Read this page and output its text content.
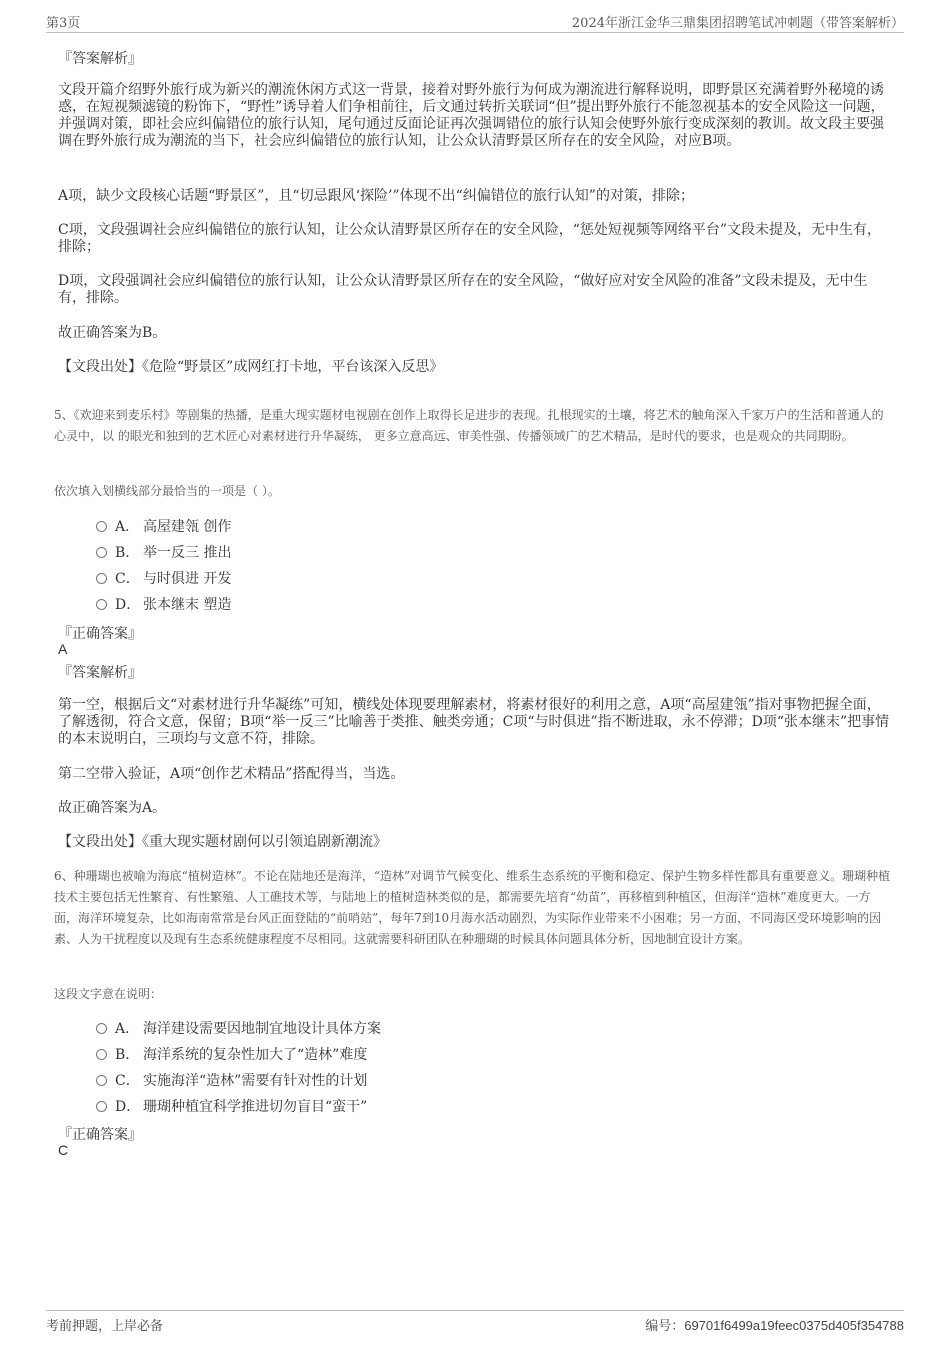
第3页	2024年浙江金华三鼎集团招聘笔试冲刺题（带答案解析）
『答案解析』
文段开篇介绍野外旅行成为新兴的潮流休闲方式这一背景，接着对野外旅行为何成为潮流进行解释说明，即野景区充满着野外秘境的诱惑，在短视频滤镜的粉饰下，“野性”诱导着人们争相前往，后文通过转折关联词“但”提出野外旅行不能忽视基本的安全风险这一问题，并强调对策，即社会应纠偏错位的旅行认知，尾句通过反面论证再次强调错位的旅行认知会使野外旅行变成深刻的教训。故文段主要强调在野外旅行成为潮流的当下，社会应纠偏错位的旅行认知，让公众认清野景区所存在的安全风险，对应B项。
A项，缺少文段核心话题“野景区”，且“切忌跟风‘探险’”体现不出“纠偏错位的旅行认知”的对策，排除；
C项，文段强调社会应纠偏错位的旅行认知，让公众认清野景区所存在的安全风险，“惩处短视频等网络平台”文段未提及，无中生有，排除；
D项，文段强调社会应纠偏错位的旅行认知，让公众认清野景区所存在的安全风险，“做好应对安全风险的准备”文段未提及，无中生有，排除。
故正确答案为B。
【文段出处】《危险“野景区”成网红打卡地，平台该深入反思》
5、《欢迎来到麦乐村》等剧集的热播，是重大现实题材电视剧在创作上取得长足进步的表现。扎根现实的土壤，将艺术的触角深入千家万户的生活和普通人的心灵中，以 的眼光和独到的艺术匠心对素材进行升华凝练， 更多立意高远、审美性强、传播领域广的艺术精品，是时代的要求，也是观众的共同期盼。
依次填入划横线部分最恰当的一项是（ ）。
A． 高屋建瓴 创作
B． 举一反三 推出
C． 与时俱进 开发
D． 张本继末 塑造
『正确答案』
A
『答案解析』
第一空，根据后文“对素材进行升华凝练”可知，横线处体现要理解素材，将素材很好的利用之意，A项“高屋建瓴”指对事物把握全面，了解透彻，符合文意，保留；B项“举一反三”比喻善于类推、触类旁通；C项“与时俱进”指不断进取，永不停滞；D项“张本继末”把事情的本末说明白，三项均与文意不符，排除。
第二空带入验证，A项“创作艺术精品”搭配得当，当选。
故正确答案为A。
【文段出处】《重大现实题材剧何以引领追剧新潮流》
6、种珊瑚也被喻为海底“植树造林”。不论在陆地还是海洋，“造林”对调节气候变化、维系生态系统的平衡和稳定、保护生物多样性都具有重要意义。珊瑚种植技术主要包括无性繁育、有性繁殖、人工礁技术等，与陆地上的植树造林类似的是，都需要先培育“幼苗”，再移植到种植区，但海洋“造林”难度更大。一方面，海洋环境复杂，比如海南常常是台风正面登陆的“前哨站”，每年7到10月海水活动剧烈，为实际作业带来不小困难；另一方面，不同海区受环境影响的因素、人为干扰程度以及现有生态系统健康程度不尽相同。这就需要科研团队在种珊瑚的时候具体问题具体分析，因地制宜设计方案。
这段文字意在说明：
A． 海洋建设需要因地制宜地设计具体方案
B． 海洋系统的复杂性加大了“造林”难度
C． 实施海洋“造林”需要有针对性的计划
D． 珊瑚种植宜科学推进切勿盲目“蛮干”
『正确答案』
C
考前押题，上岸必备	编号：69701f6499a19feec0375d405f354788
